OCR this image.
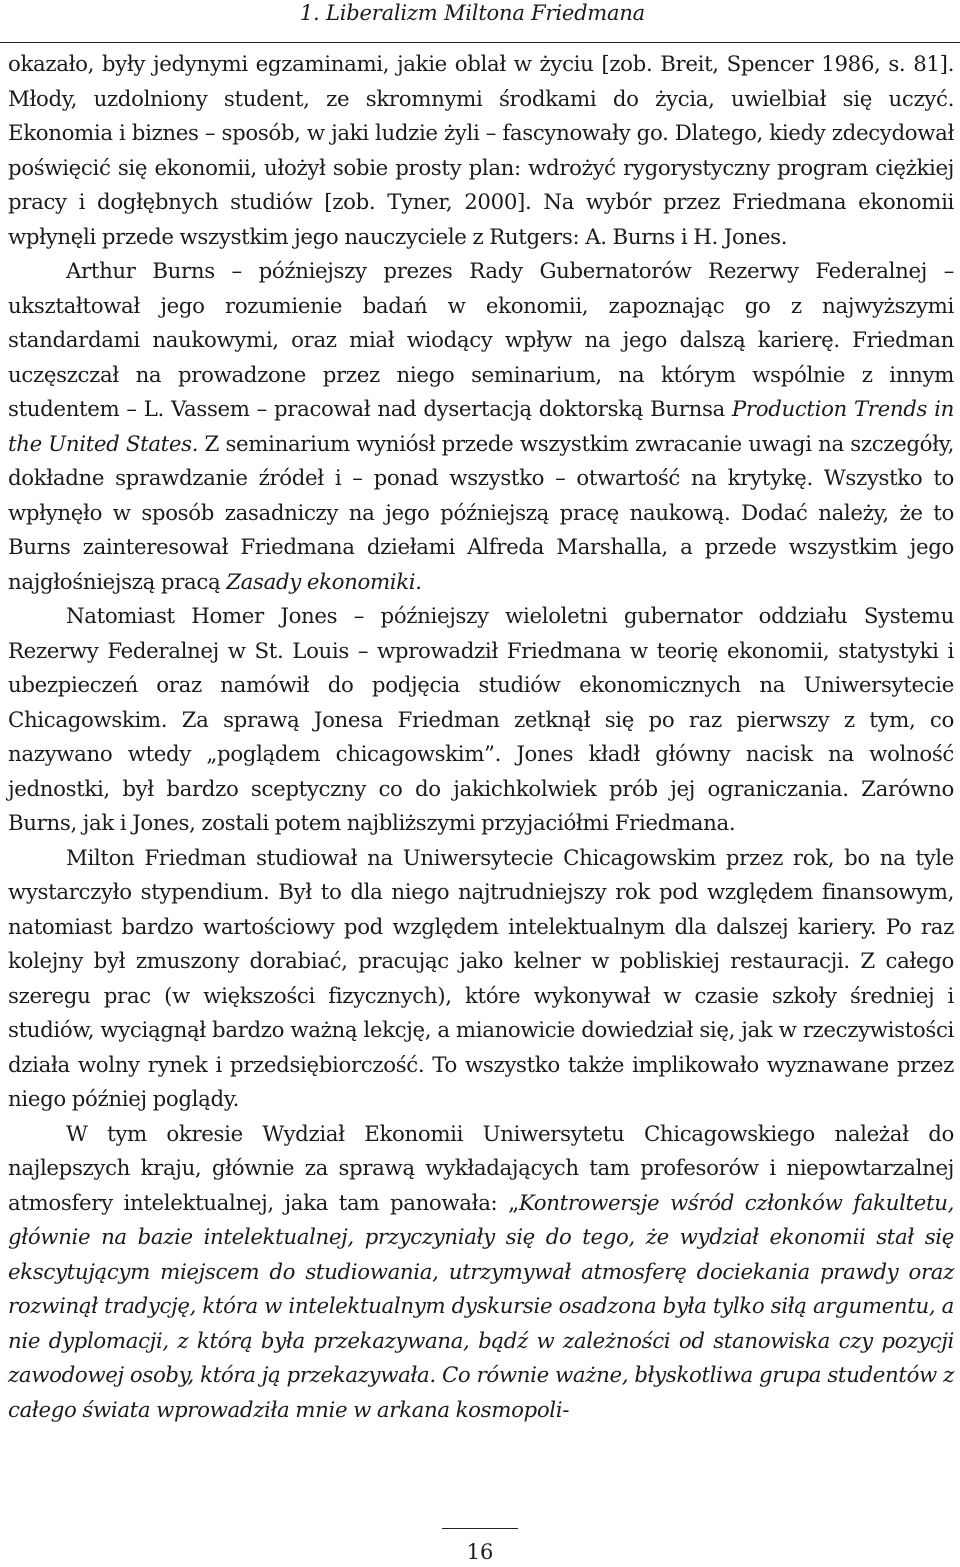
1. Liberalizm Miltona Friedmana

okazało, były jedynymi egzaminami, jakie oblał w życiu [zob. Breit, Spencer 1986, s. 81]. Młody, uzdolniony student, ze skromnymi środkami do życia, uwielbiał się uczyć. Ekonomia i biznes – sposób, w jaki ludzie żyli – fascynowały go. Dlatego, kiedy zdecydował poświęcić się ekonomii, ułożył sobie prosty plan: wdrożyć rygorystyczny program ciężkiej pracy i dogłębnych studiów [zob. Tyner, 2000]. Na wybór przez Friedmana ekonomii wpłynęli przede wszystkim jego nauczyciele z Rutgers: A. Burns i H. Jones.

Arthur Burns – późniejszy prezes Rady Gubernatorów Rezerwy Federalnej – ukształtował jego rozumienie badań w ekonomii, zapoznając go z najwyższymi standardami naukowymi, oraz miał wiodący wpływ na jego dalszą karierę. Friedman uczęszczał na prowadzone przez niego seminarium, na którym wspólnie z innym studentem – L. Vassem – pracował nad dysertacją doktorską Burnsa Production Trends in the United States. Z seminarium wyniósł przede wszystkim zwracanie uwagi na szczegóły, dokładne sprawdzanie źródeł i – ponad wszystko – otwartość na krytykę. Wszystko to wpłynęło w sposób zasadniczy na jego późniejszą pracę naukową. Dodać należy, że to Burns zainteresował Friedmana dziełami Alfreda Marshalla, a przede wszystkim jego najgłośniejszą pracą Zasady ekonomiki.

Natomiast Homer Jones – późniejszy wieloletni gubernator oddziału Systemu Rezerwy Federalnej w St. Louis – wprowadził Friedmana w teorię ekonomii, statystyki i ubezpieczeń oraz namówił do podjęcia studiów ekonomicznych na Uniwersytecie Chicagowskim. Za sprawą Jonesa Friedman zetknął się po raz pierwszy z tym, co nazywano wtedy „poglądem chicagowskim”. Jones kładł główny nacisk na wolność jednostki, był bardzo sceptyczny co do jakichkolwiek prób jej ograniczania. Zarówno Burns, jak i Jones, zostali potem najbliższymi przyjaciółmi Friedmana.

Milton Friedman studiował na Uniwersytecie Chicagowskim przez rok, bo na tyle wystarczyło stypendium. Był to dla niego najtrudniejszy rok pod względem finansowym, natomiast bardzo wartościowy pod względem intelektualnym dla dalszej kariery. Po raz kolejny był zmuszony dorabiać, pracując jako kelner w pobliskiej restauracji. Z całego szeregu prac (w większości fizycznych), które wykonywał w czasie szkoły średniej i studiów, wyciągnął bardzo ważną lekcję, a mianowicie dowiedział się, jak w rzeczywistości działa wolny rynek i przedsiębiorczość. To wszystko także implikowało wyznawane przez niego później poglądy.

W tym okresie Wydział Ekonomii Uniwersytetu Chicagowskiego należał do najlepszych kraju, głównie za sprawą wykładających tam profesorów i niepowtarzalnej atmosfery intelektualnej, jaka tam panowała: „Kontrowersje wśród członków fakultetu, głównie na bazie intelektualnej, przyczyniały się do tego, że wydział ekonomii stał się ekscytującym miejscem do studiowania, utrzymywał atmosferę dociekania prawdy oraz rozwinął tradycję, która w intelektualnym dyskursie osadzona była tylko siłą argumentu, a nie dyplomacji, z którą była przekazywana, bądź w zależności od stanowiska czy pozycji zawodowej osoby, która ją przekazywała. Co równie ważne, błyskotliwa grupa studentów z całego świata wprowadziła mnie w arkana kosmopoli-

16
